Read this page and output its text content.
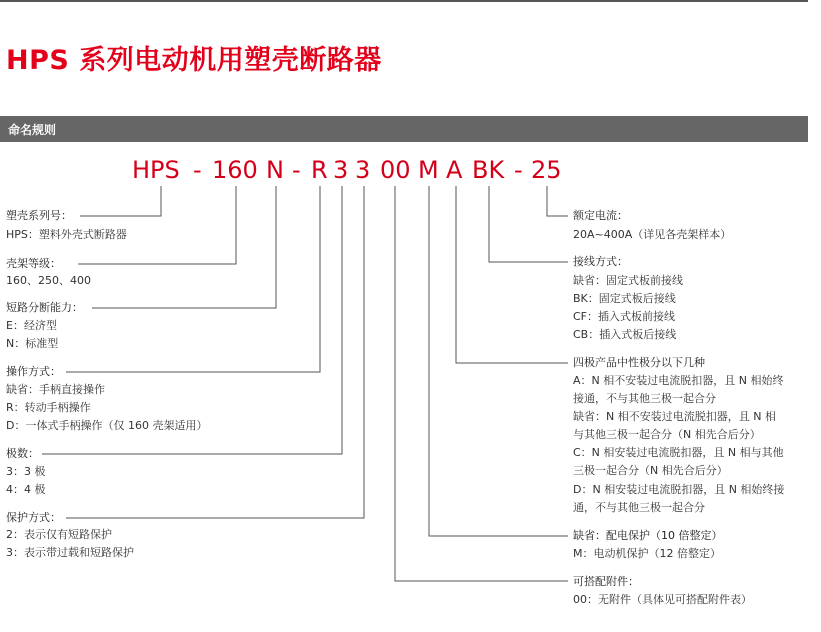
HPS 系列电动机用塑壳断路器
命名规则
HPS - 160 N - R 3 3 00 M A BK - 25
塑壳系列号：
HPS：塑料外壳式断路器
壳架等级：
160、250、400
短路分断能力：
E：经济型
N：标准型
操作方式：
缺省：手柄直接操作
R：转动手柄操作
D：一体式手柄操作（仅 160 壳架适用）
极数：
3：3 极
4：4 极
保护方式：
2：表示仅有短路保护
3：表示带过载和短路保护
额定电流：
20A~400A（详见各壳架样本）
接线方式：
缺省：固定式板前接线
BK：固定式板后接线
CF：插入式板前接线
CB：插入式板后接线
四极产品中性极分以下几种
A：N 相不安装过电流脱扣器，且 N 相始终
接通，不与其他三极一起合分
缺省：N 相不安装过电流脱扣器，且 N 相
与其他三极一起合分（N 相先合后分）
C：N 相安装过电流脱扣器，且 N 相与其他
三极一起合分（N 相先合后分）
D：N 相安装过电流脱扣器，且 N 相始终接
通，不与其他三极一起合分
缺省：配电保护（10 倍整定）
M：电动机保护（12 倍整定）
可搭配附件：
00：无附件（具体见可搭配附件表）
